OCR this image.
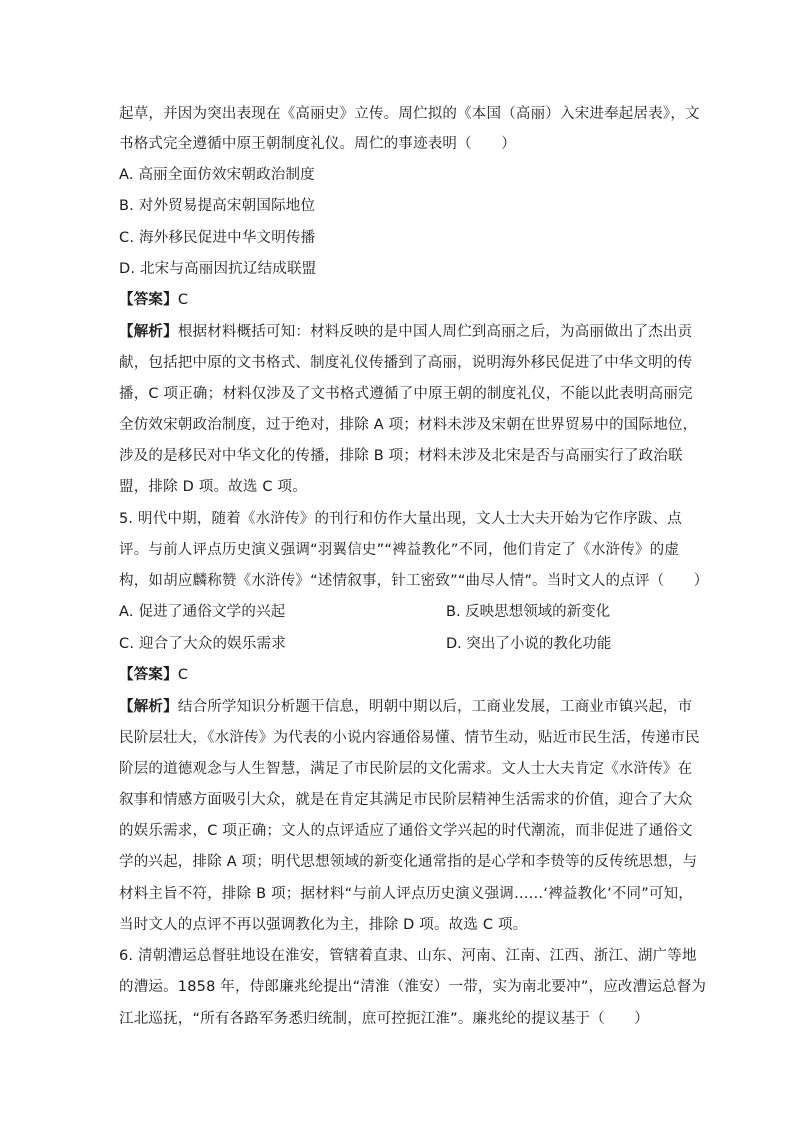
起草，并因为突出表现在《高丽史》立传。周伫拟的《本国（高丽）入宋进奉起居表》，文
书格式完全遵循中原王朝制度礼仪。周伫的事迹表明（　　）
A. 高丽全面仿效宋朝政治制度
B. 对外贸易提高宋朝国际地位
C. 海外移民促进中华文明传播
D. 北宋与高丽因抗辽结成联盟
【答案】C
【解析】根据材料概括可知：材料反映的是中国人周伫到高丽之后，为高丽做出了杰出贡
献，包括把中原的文书格式、制度礼仪传播到了高丽，说明海外移民促进了中华文明的传
播，C 项正确；材料仅涉及了文书格式遵循了中原王朝的制度礼仪，不能以此表明高丽完
全仿效宋朝政治制度，过于绝对，排除 A 项；材料未涉及宋朝在世界贸易中的国际地位，
涉及的是移民对中华文化的传播，排除 B 项；材料未涉及北宋是否与高丽实行了政治联
盟，排除 D 项。故选 C 项。
5. 明代中期，随着《水浒传》的刊行和仿作大量出现，文人士大夫开始为它作序跋、点
评。与前人评点历史演义强调“羽翼信史”“裨益教化”不同，他们肯定了《水浒传》的虚
构，如胡应麟称赞《水浒传》“述情叙事，针工密致”“曲尽人情”。当时文人的点评（　　）
A. 促进了通俗文学的兴起	B. 反映思想领域的新变化
C. 迎合了大众的娱乐需求	D. 突出了小说的教化功能
【答案】C
【解析】结合所学知识分析题干信息，明朝中期以后，工商业发展，工商业市镇兴起，市
民阶层壮大，《水浒传》为代表的小说内容通俗易懂、情节生动，贴近市民生活，传递市民
阶层的道德观念与人生智慧，满足了市民阶层的文化需求。文人士大夫肯定《水浒传》在
叙事和情感方面吸引大众，就是在肯定其满足市民阶层精神生活需求的价值，迎合了大众
的娱乐需求，C 项正确；文人的点评适应了通俗文学兴起的时代潮流，而非促进了通俗文
学的兴起，排除 A 项；明代思想领域的新变化通常指的是心学和李贽等的反传统思想，与
材料主旨不符，排除 B 项；据材料“与前人评点历史演义强调……‘裨益教化’不同”可知，
当时文人的点评不再以强调教化为主，排除 D 项。故选 C 项。
6. 清朝漕运总督驻地设在淮安，管辖着直隶、山东、河南、江南、江西、浙江、湖广等地
的漕运。1858 年，侍郎廉兆纶提出“清淮（淮安）一带，实为南北要冲”，应改漕运总督为
江北巡抚，“所有各路军务悉归统制，庶可控扼江淮”。廉兆纶的提议基于（　　）
